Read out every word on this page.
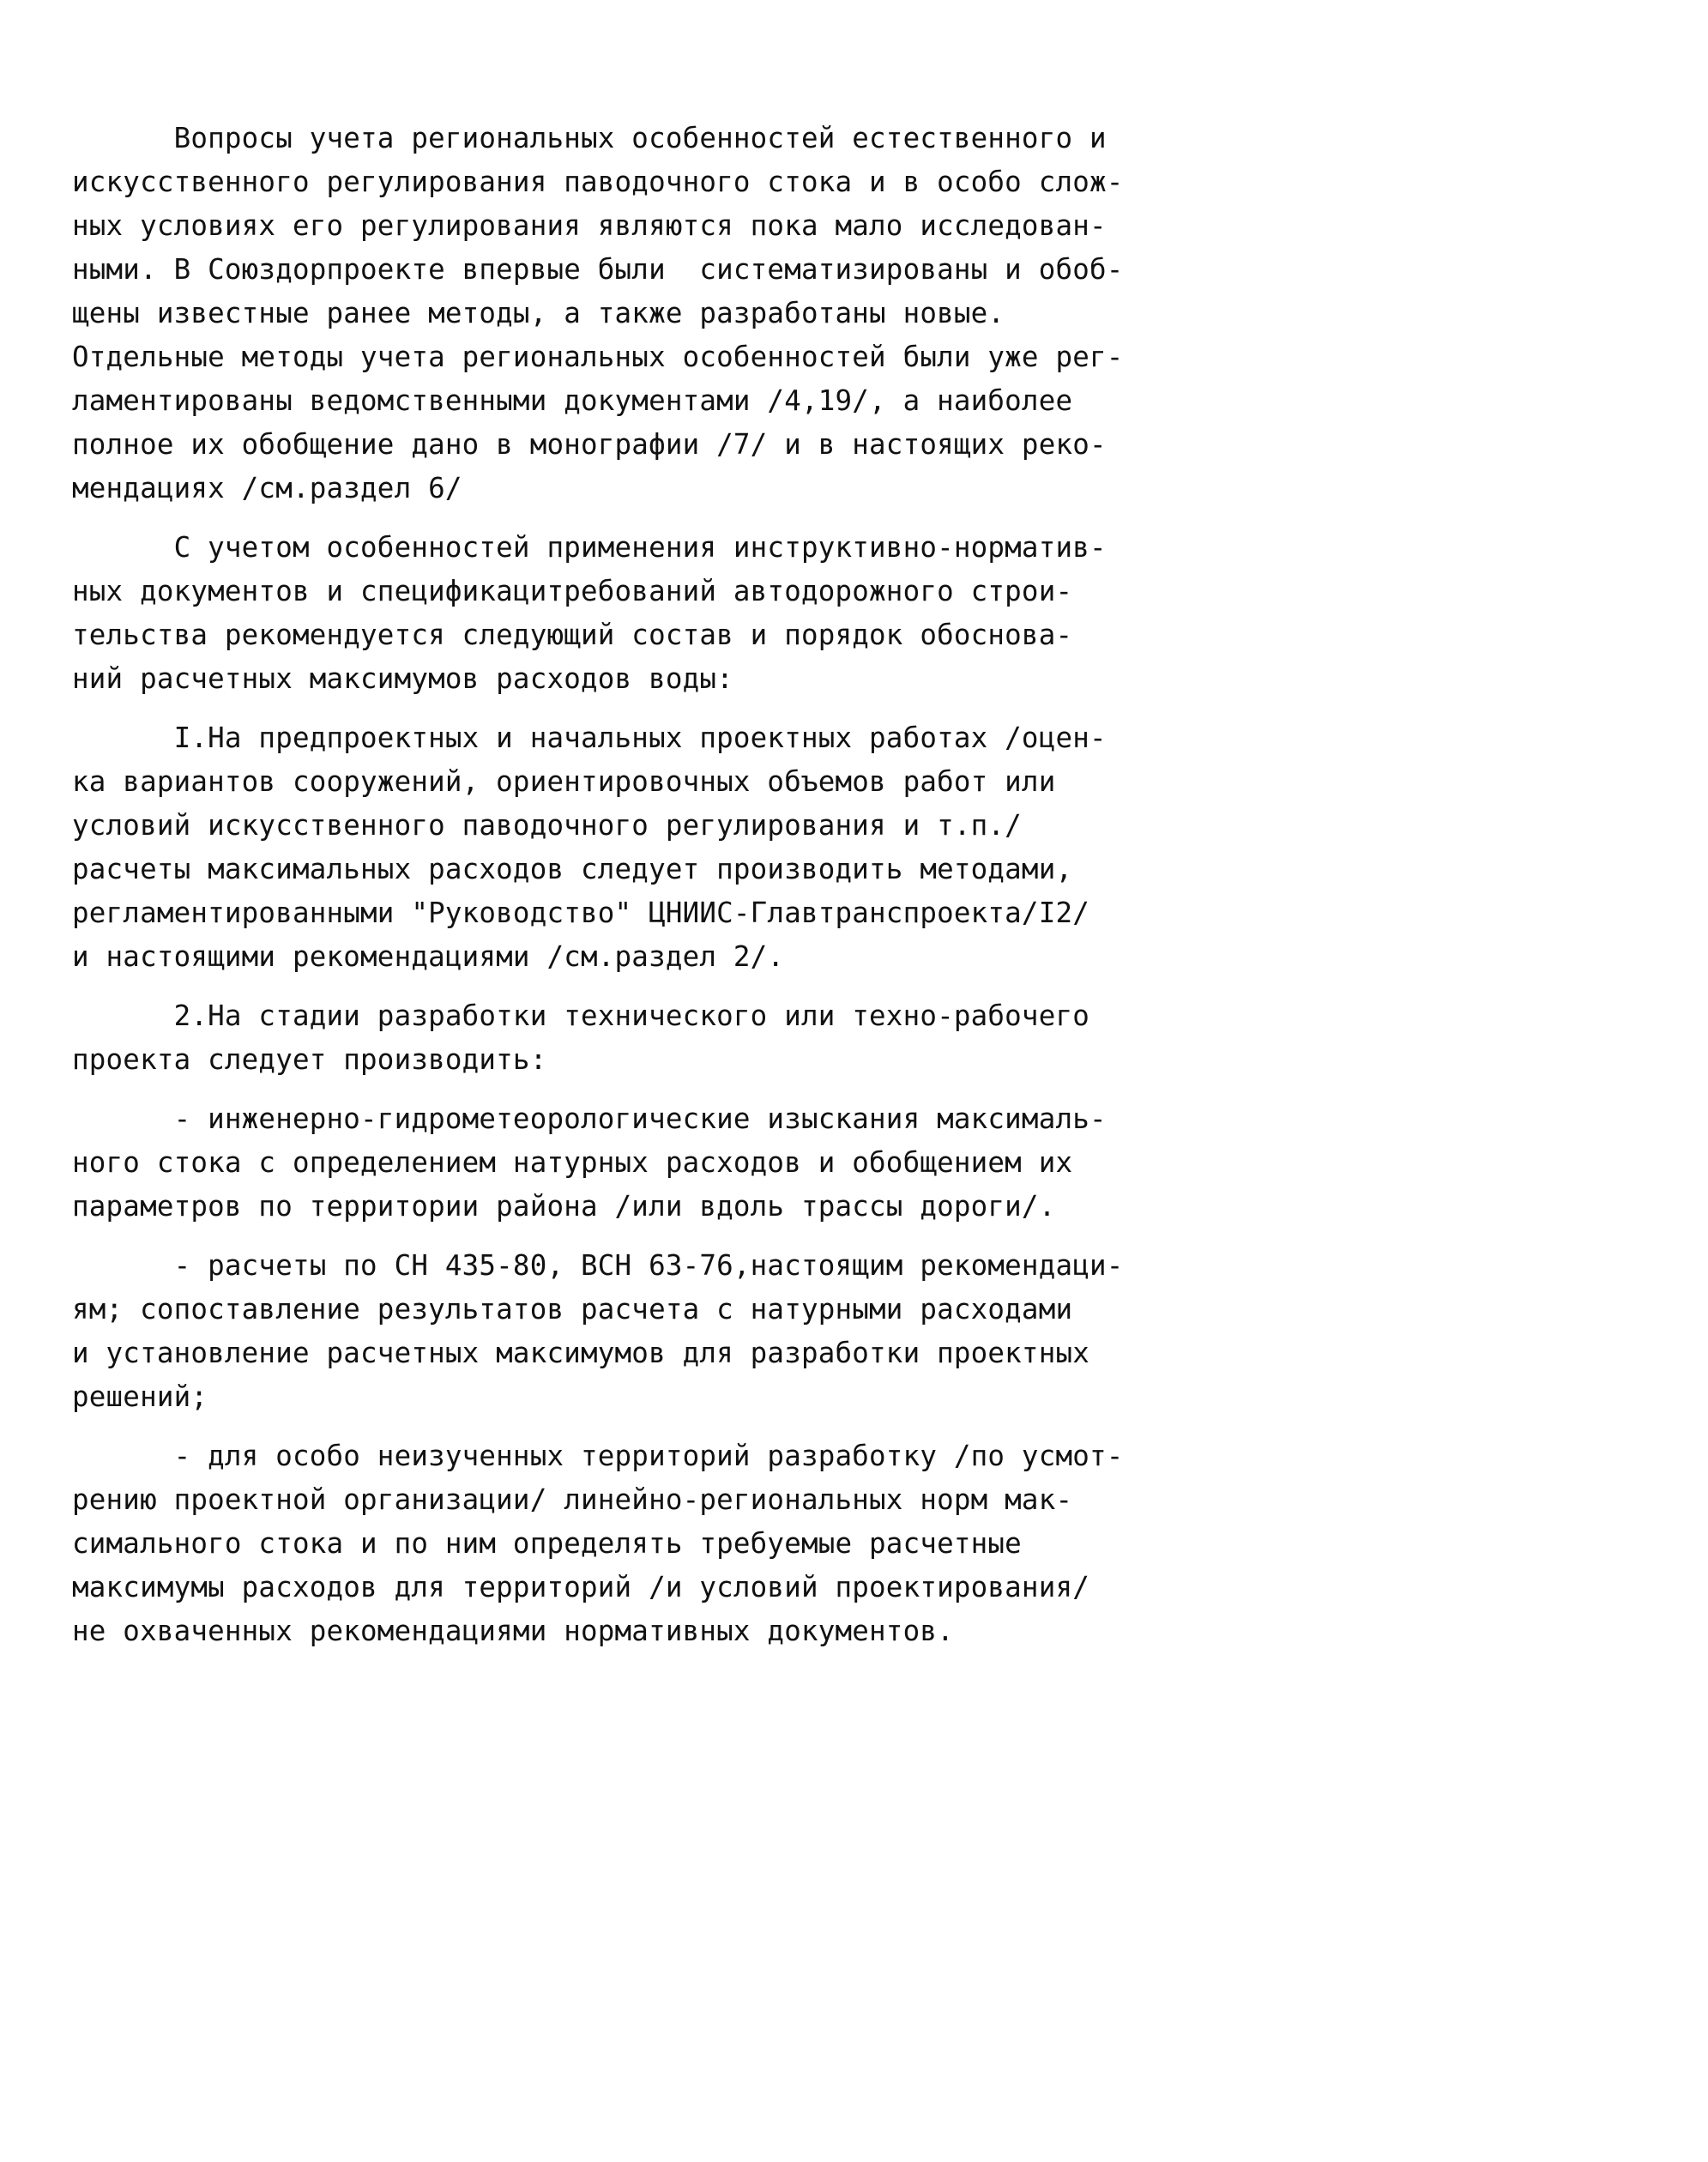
Вопросы учета региональных особенностей естественного и
искусственного регулирования паводочного стока и в особо слож-
ных условиях его регулирования являются пока мало исследован-
ными. В Союздорпроекте впервые были  систематизированы и обоб-
щены известные ранее методы, а также разработаны новые.
Отдельные методы учета региональных особенностей были уже рег-
ламентированы ведомственными документами /4,19/, а наиболее
полное их обобщение дано в монографии /7/ и в настоящих реко-
мендациях /см.раздел 6/
С учетом особенностей применения инструктивно-норматив-
ных документов и спецификацитребований автодорожного строи-
тельства рекомендуется следующий состав и порядок обоснова-
ний расчетных максимумов расходов воды:
I.На предпроектных и начальных проектных работах /оцен-
ка вариантов сооружений, ориентировочных объемов работ или
условий искусственного паводочного регулирования и т.п./
расчеты максимальных расходов следует производить методами,
регламентированными "Руководство" ЦНИИС-Главтранспроекта/I2/
и настоящими рекомендациями /см.раздел 2/.
2.На стадии разработки технического или техно-рабочего
проекта следует производить:
- инженерно-гидрометеорологические изыскания максималь-
ного стока с определением натурных расходов и обобщением их
параметров по территории района /или вдоль трассы дороги/.
- расчеты по СН 435-80, ВСН 63-76,настоящим рекомендаци-
ям; сопоставление результатов расчета с натурными расходами
и установление расчетных максимумов для разработки проектных
решений;
- для особо неизученных территорий разработку /по усмот-
рению проектной организации/ линейно-региональных норм мак-
симального стока и по ним определять требуемые расчетные
максимумы расходов для территорий /и условий проектирования/
не охваченных рекомендациями нормативных документов.
